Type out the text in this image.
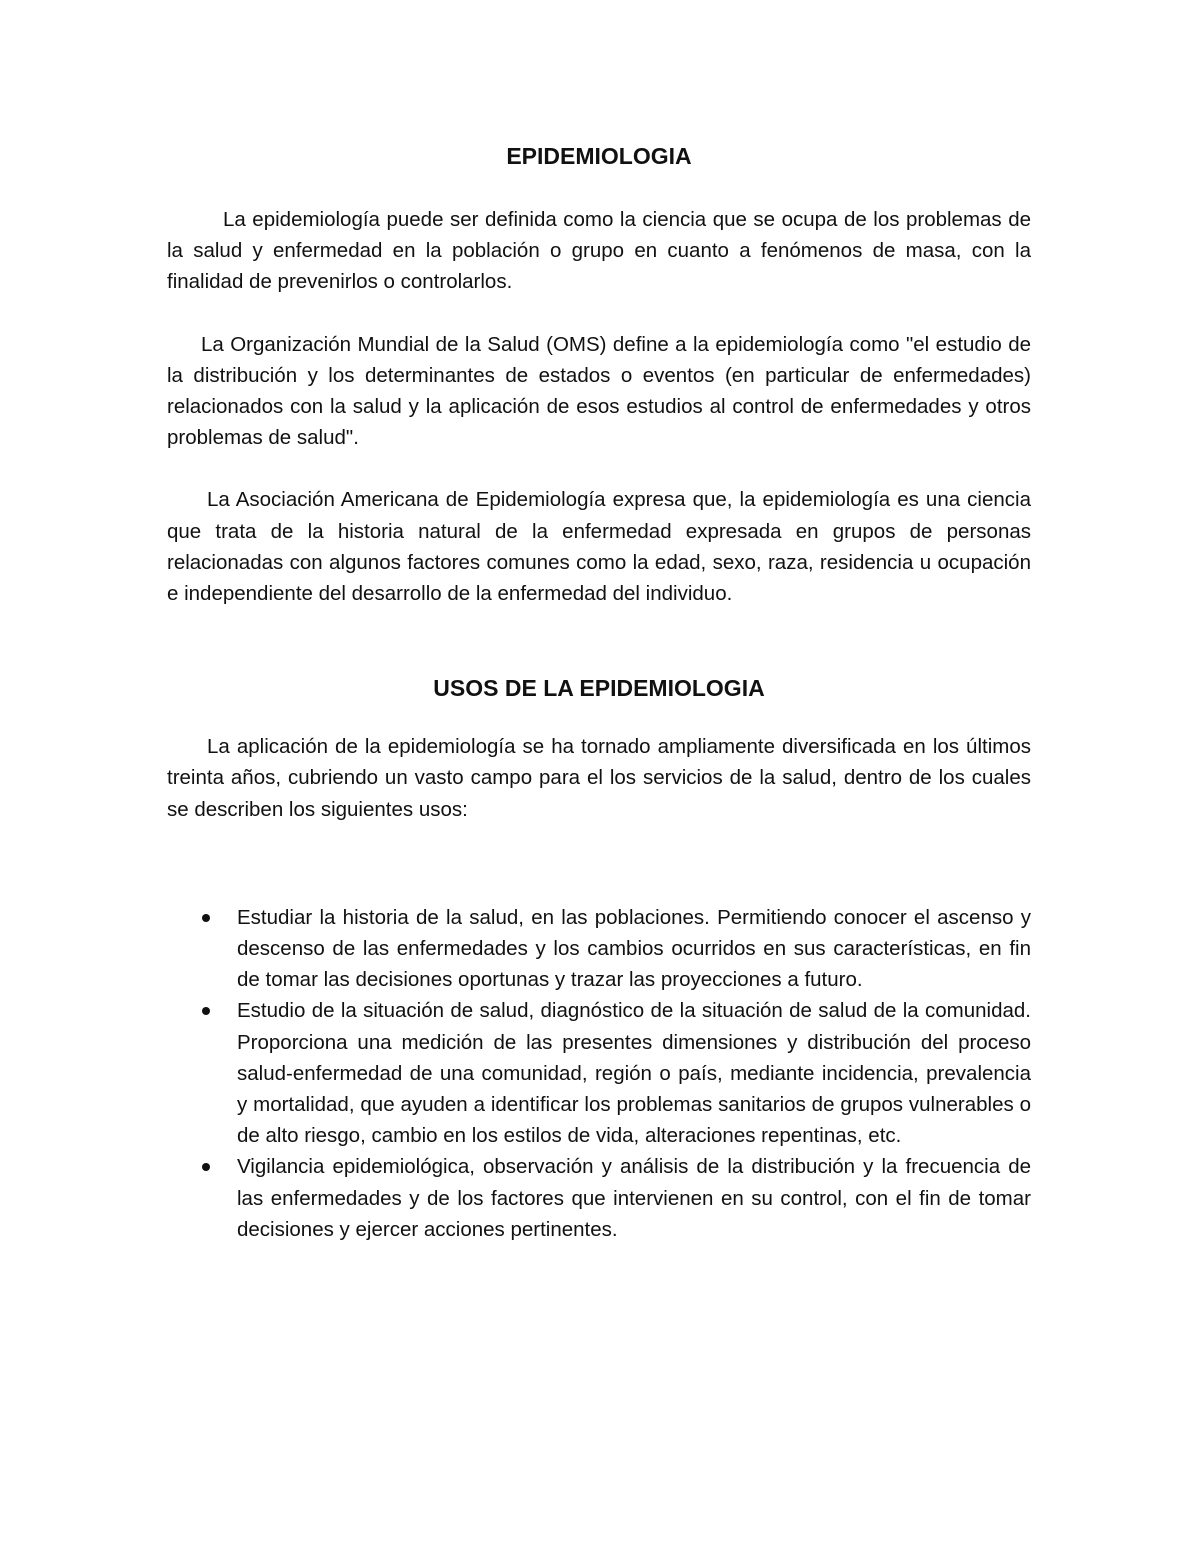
EPIDEMIOLOGIA

La epidemiología puede ser definida como la ciencia que se ocupa de los problemas de la salud y enfermedad en la población o grupo en cuanto a fenómenos de masa, con la finalidad de prevenirlos o controlarlos.

La Organización Mundial de la Salud (OMS) define a la epidemiología como "el estudio de la distribución y los determinantes de estados o eventos (en particular de enfermedades) relacionados con la salud y la aplicación de esos estudios al control de enfermedades y otros problemas de salud".

La Asociación Americana de Epidemiología expresa que, la epidemiología es una ciencia que trata de la historia natural de la enfermedad expresada en grupos de personas relacionadas con algunos factores comunes como la edad, sexo, raza, residencia u ocupación e independiente del desarrollo de la enfermedad del individuo.

USOS DE LA EPIDEMIOLOGIA

La aplicación de la epidemiología se ha tornado ampliamente diversificada en los últimos treinta años, cubriendo un vasto campo para el los servicios de la salud, dentro de los cuales se describen los siguientes usos:

Estudiar la historia de la salud, en las poblaciones. Permitiendo conocer el ascenso y descenso de las enfermedades y los cambios ocurridos en sus características, en fin de tomar las decisiones oportunas y trazar las proyecciones a futuro.
Estudio de la situación de salud, diagnóstico de la situación de salud de la comunidad. Proporciona una medición de las presentes dimensiones y distribución del proceso salud-enfermedad de una comunidad, región o país, mediante incidencia, prevalencia y mortalidad, que ayuden a identificar los problemas sanitarios de grupos vulnerables o de alto riesgo, cambio en los estilos de vida, alteraciones repentinas, etc.
Vigilancia epidemiológica, observación y análisis de la distribución y la frecuencia de las enfermedades y de los factores que intervienen en su control, con el fin de tomar decisiones y ejercer acciones pertinentes.
